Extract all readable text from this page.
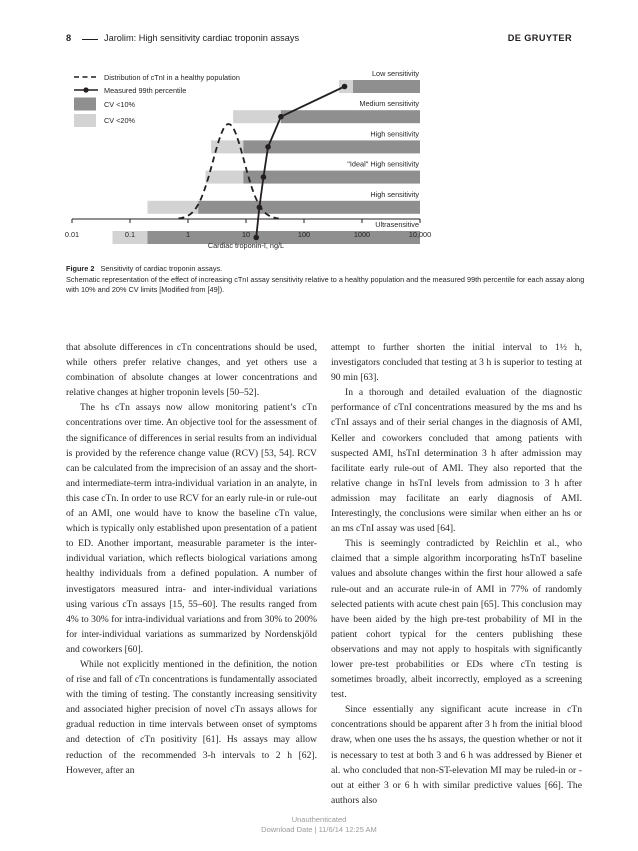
8	Jarolim: High sensitivity cardiac troponin assays	DE GRUYTER
Distribution of cTnI in a healthy population
Measured 99th percentile
CV <10%
CV <20%
Low sensitivity
Medium sensitivity
High sensitivity
"Ideal" High sensitivity
High sensitivity
Ultrasensitive
0.01	0.1	1	10	100	1000	10,000
Cardiac troponin-I, ng/L
Figure 2 Sensitivity of cardiac troponin assays.
Schematic representation of the effect of increasing cTnI assay sensitivity relative to a healthy population and the measured 99th percentile for each assay along with 10% and 20% CV limits [Modified from [49]).

that absolute differences in cTn concentrations should be used, while others prefer relative changes, and yet others use a combination of absolute changes at lower concentrations and relative changes at higher troponin levels [50–52].

The hs cTn assays now allow monitoring patient’s cTn concentrations over time. An objective tool for the assessment of the significance of differences in serial results from an individual is provided by the reference change value (RCV) [53, 54]. RCV can be calculated from the imprecision of an assay and the short- and intermediate-term intra-individual variation in an analyte, in this case cTn. In order to use RCV for an early rule-in or rule-out of an AMI, one would have to know the baseline cTn value, which is typically only established upon presentation of a patient to ED. Another important, measurable parameter is the inter-individual variation, which reflects biological variations among healthy individuals from a defined population. A number of investigators measured intra- and inter-individual variations using various cTn assays [15, 55–60]. The results ranged from 4% to 30% for intra-individual variations and from 30% to 200% for inter-individual variations as summarized by Nordenskjöld and coworkers [60].

While not explicitly mentioned in the definition, the notion of rise and fall of cTn concentrations is fundamentally associated with the timing of testing. The constantly increasing sensitivity and associated higher precision of novel cTn assays allows for gradual reduction in time intervals between onset of symptoms and detection of cTn positivity [61]. Hs assays may allow reduction of the recommended 3-h intervals to 2 h [62]. However, after an

attempt to further shorten the initial interval to 1½ h, investigators concluded that testing at 3 h is superior to testing at 90 min [63].

In a thorough and detailed evaluation of the diagnostic performance of cTnI concentrations measured by the ms and hs cTnI assays and of their serial changes in the diagnosis of AMI, Keller and coworkers concluded that among patients with suspected AMI, hsTnI determination 3 h after admission may facilitate early rule-out of AMI. They also reported that the relative change in hsTnI levels from admission to 3 h after admission may facilitate an early diagnosis of AMI. Interestingly, the conclusions were similar when either an hs or an ms cTnI assay was used [64].

This is seemingly contradicted by Reichlin et al., who claimed that a simple algorithm incorporating hsTnT baseline values and absolute changes within the first hour allowed a safe rule-out and an accurate rule-in of AMI in 77% of randomly selected patients with acute chest pain [65]. This conclusion may have been aided by the high pre-test probability of MI in the patient cohort typical for the centers publishing these observations and may not apply to hospitals with significantly lower pre-test probabilities or EDs where cTn testing is sometimes broadly, albeit incorrectly, employed as a screening test.

Since essentially any significant acute increase in cTn concentrations should be apparent after 3 h from the initial blood draw, when one uses the hs assays, the question whether or not it is necessary to test at both 3 and 6 h was addressed by Biener et al. who concluded that non-ST-elevation MI may be ruled-in or -out at either 3 or 6 h with similar predictive values [66]. The authors also

Unauthenticated
Download Date | 11/6/14 12:25 AM
